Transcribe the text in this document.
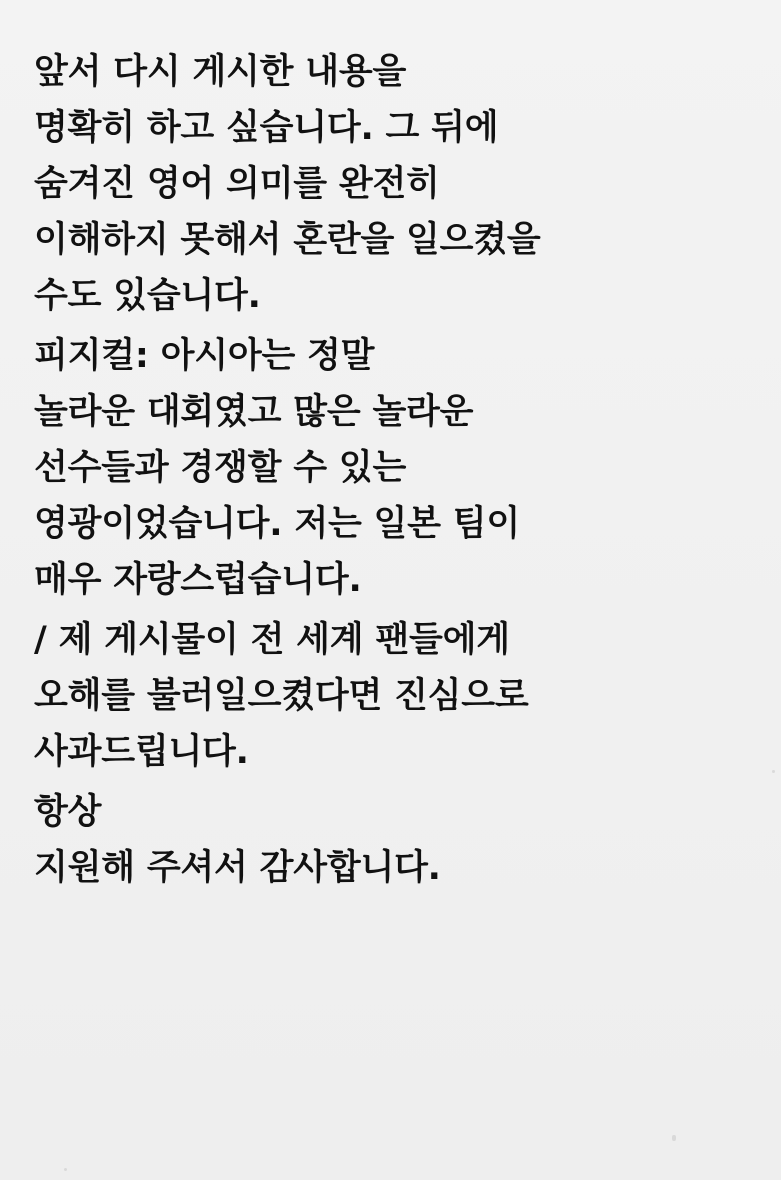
앞서 다시 게시한 내용을
명확히 하고 싶습니다. 그 뒤에
숨겨진 영어 의미를 완전히
이해하지 못해서 혼란을 일으켰을
수도 있습니다.
피지컬: 아시아는 정말
놀라운 대회였고 많은 놀라운
선수들과 경쟁할 수 있는
영광이었습니다. 저는 일본 팀이
매우 자랑스럽습니다.
/ 제 게시물이 전 세계 팬들에게
오해를 불러일으켰다면 진심으로
사과드립니다.
항상
지원해 주셔서 감사합니다.
